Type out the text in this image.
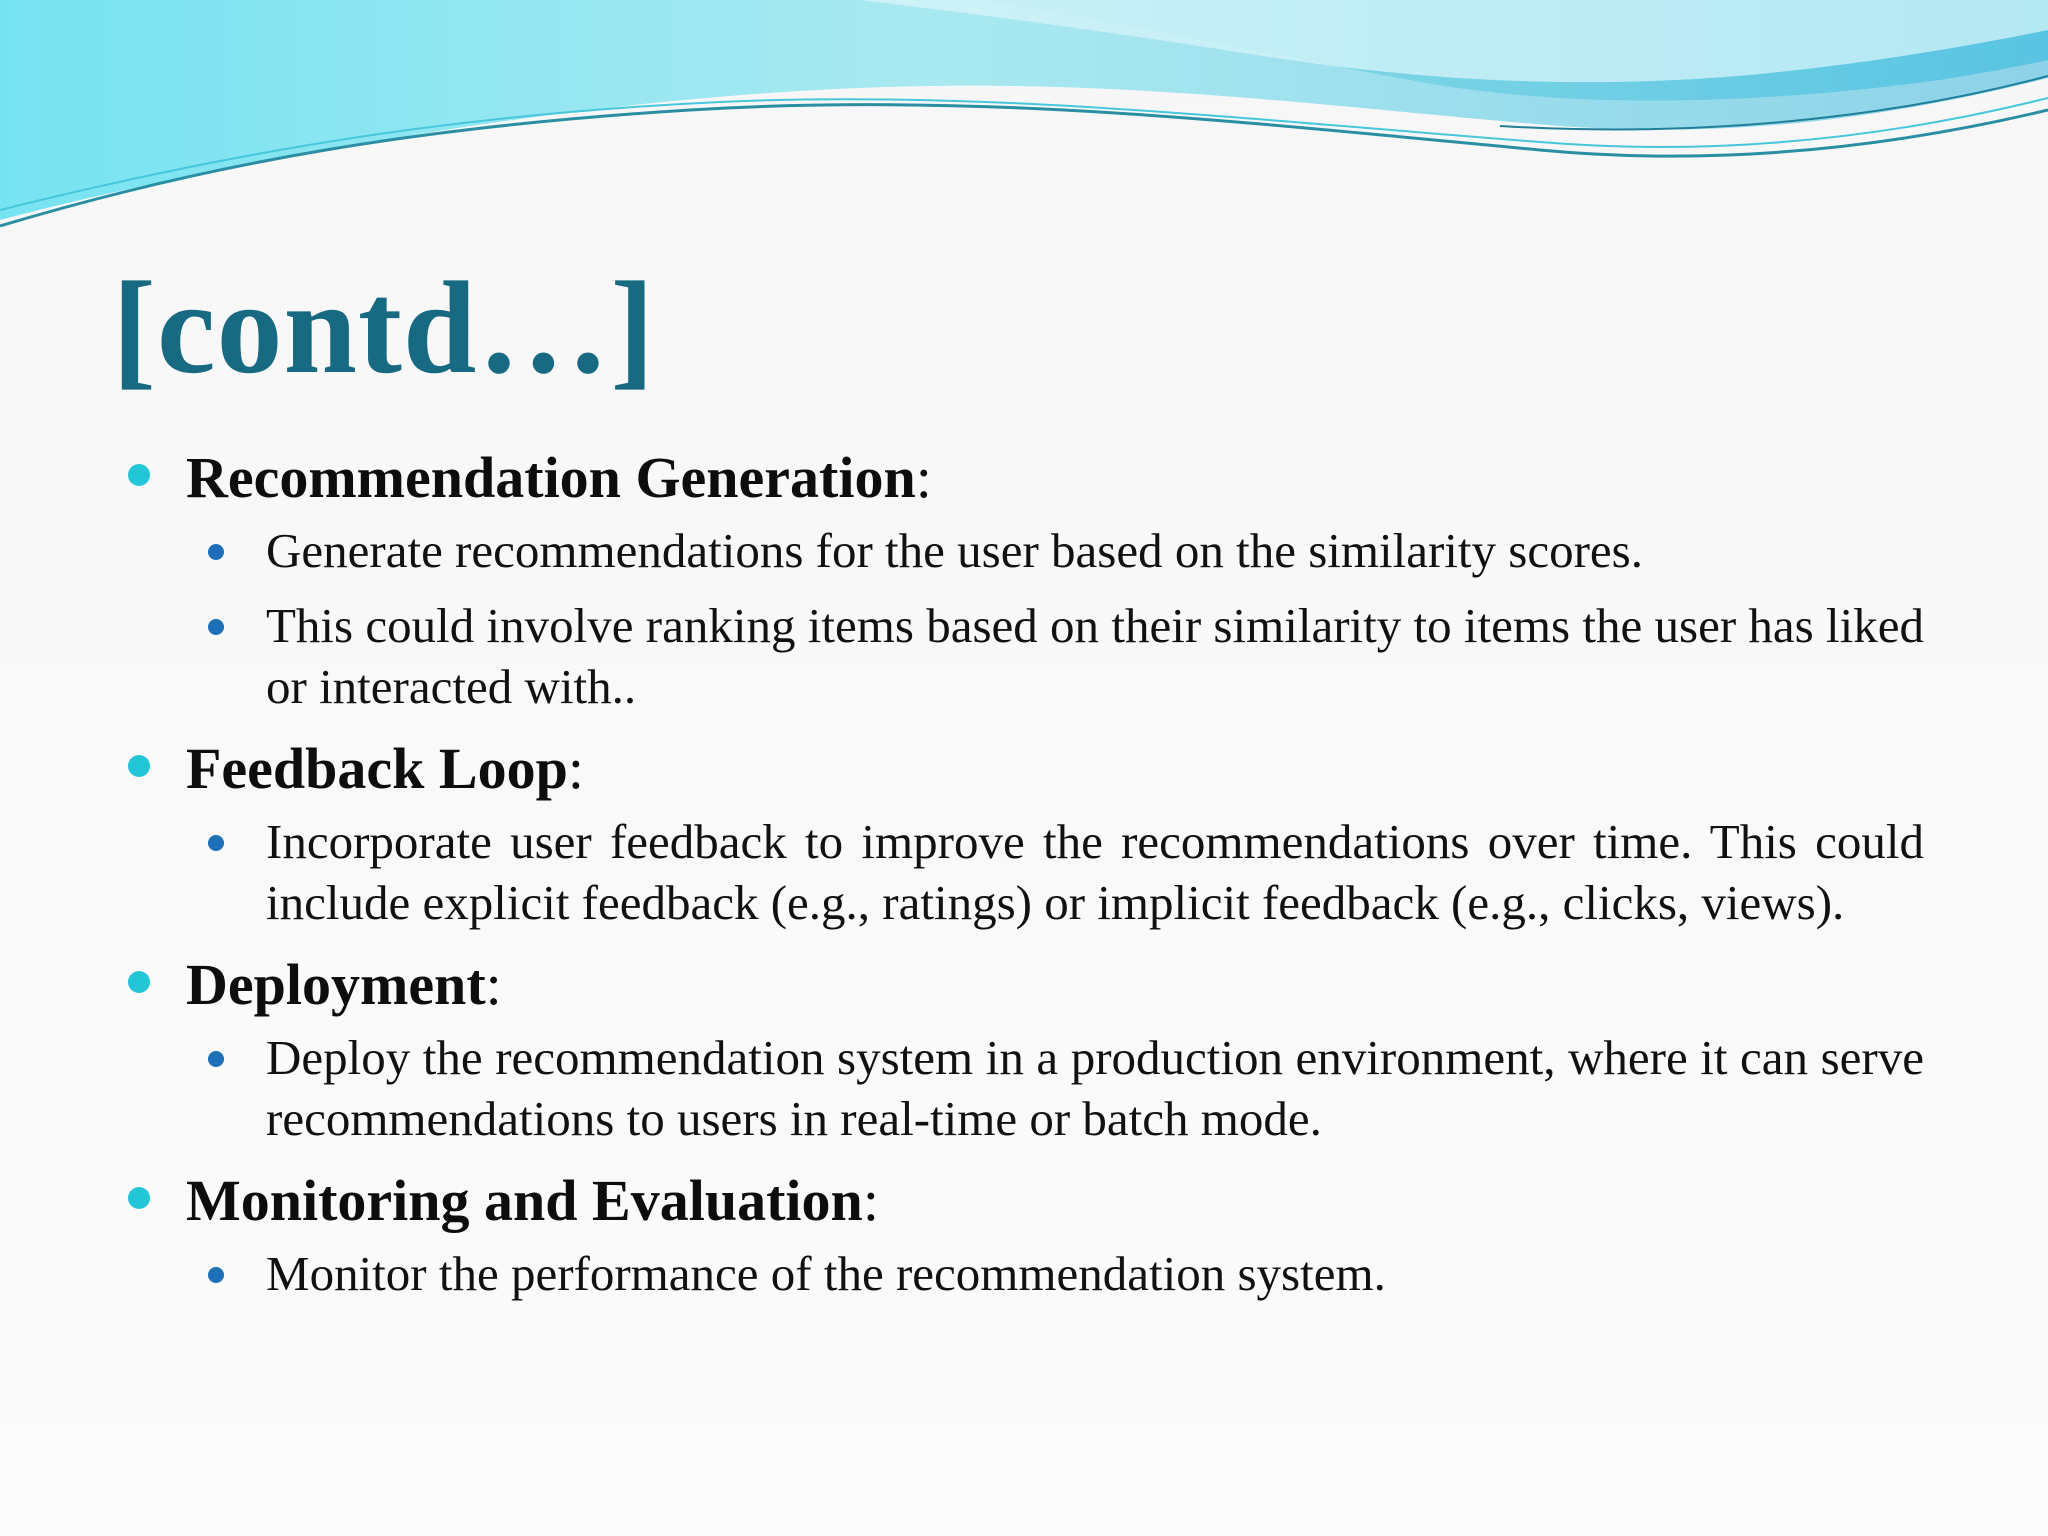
[contd…]
Recommendation Generation:
Generate recommendations for the user based on the similarity scores.
This could involve ranking items based on their similarity to items the user has liked or interacted with..
Feedback Loop:
Incorporate user feedback to improve the recommendations over time. This could include explicit feedback (e.g., ratings) or implicit feedback (e.g., clicks, views).
Deployment:
Deploy the recommendation system in a production environment, where it can serve recommendations to users in real-time or batch mode.
Monitoring and Evaluation:
Monitor the performance of the recommendation system.
